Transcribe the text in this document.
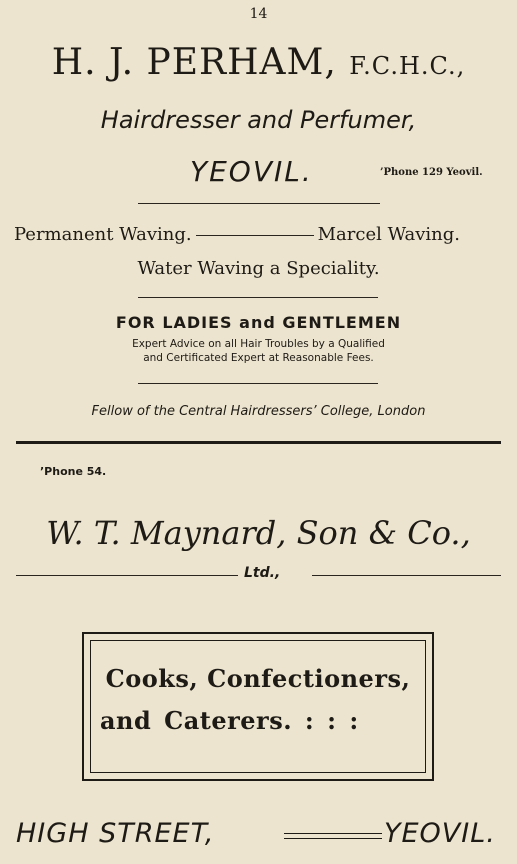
14
H. J. PERHAM, F.C.H.C.,
Hairdresser and Perfumer,
YEOVIL.	’Phone 129 Yeovil.
Permanent Waving.	Marcel Waving.
Water Waving a Speciality.
FOR LADIES and GENTLEMEN
Expert Advice on all Hair Troubles by a Qualified
and Certificated Expert at Reasonable Fees.
Fellow of the Central Hairdressers’ College, London
’Phone 54.
W. T. Maynard, Son & Co.,
Ltd.,
Cooks, Confectioners,
and Caterers. : : :
HIGH STREET,	YEOVIL.
